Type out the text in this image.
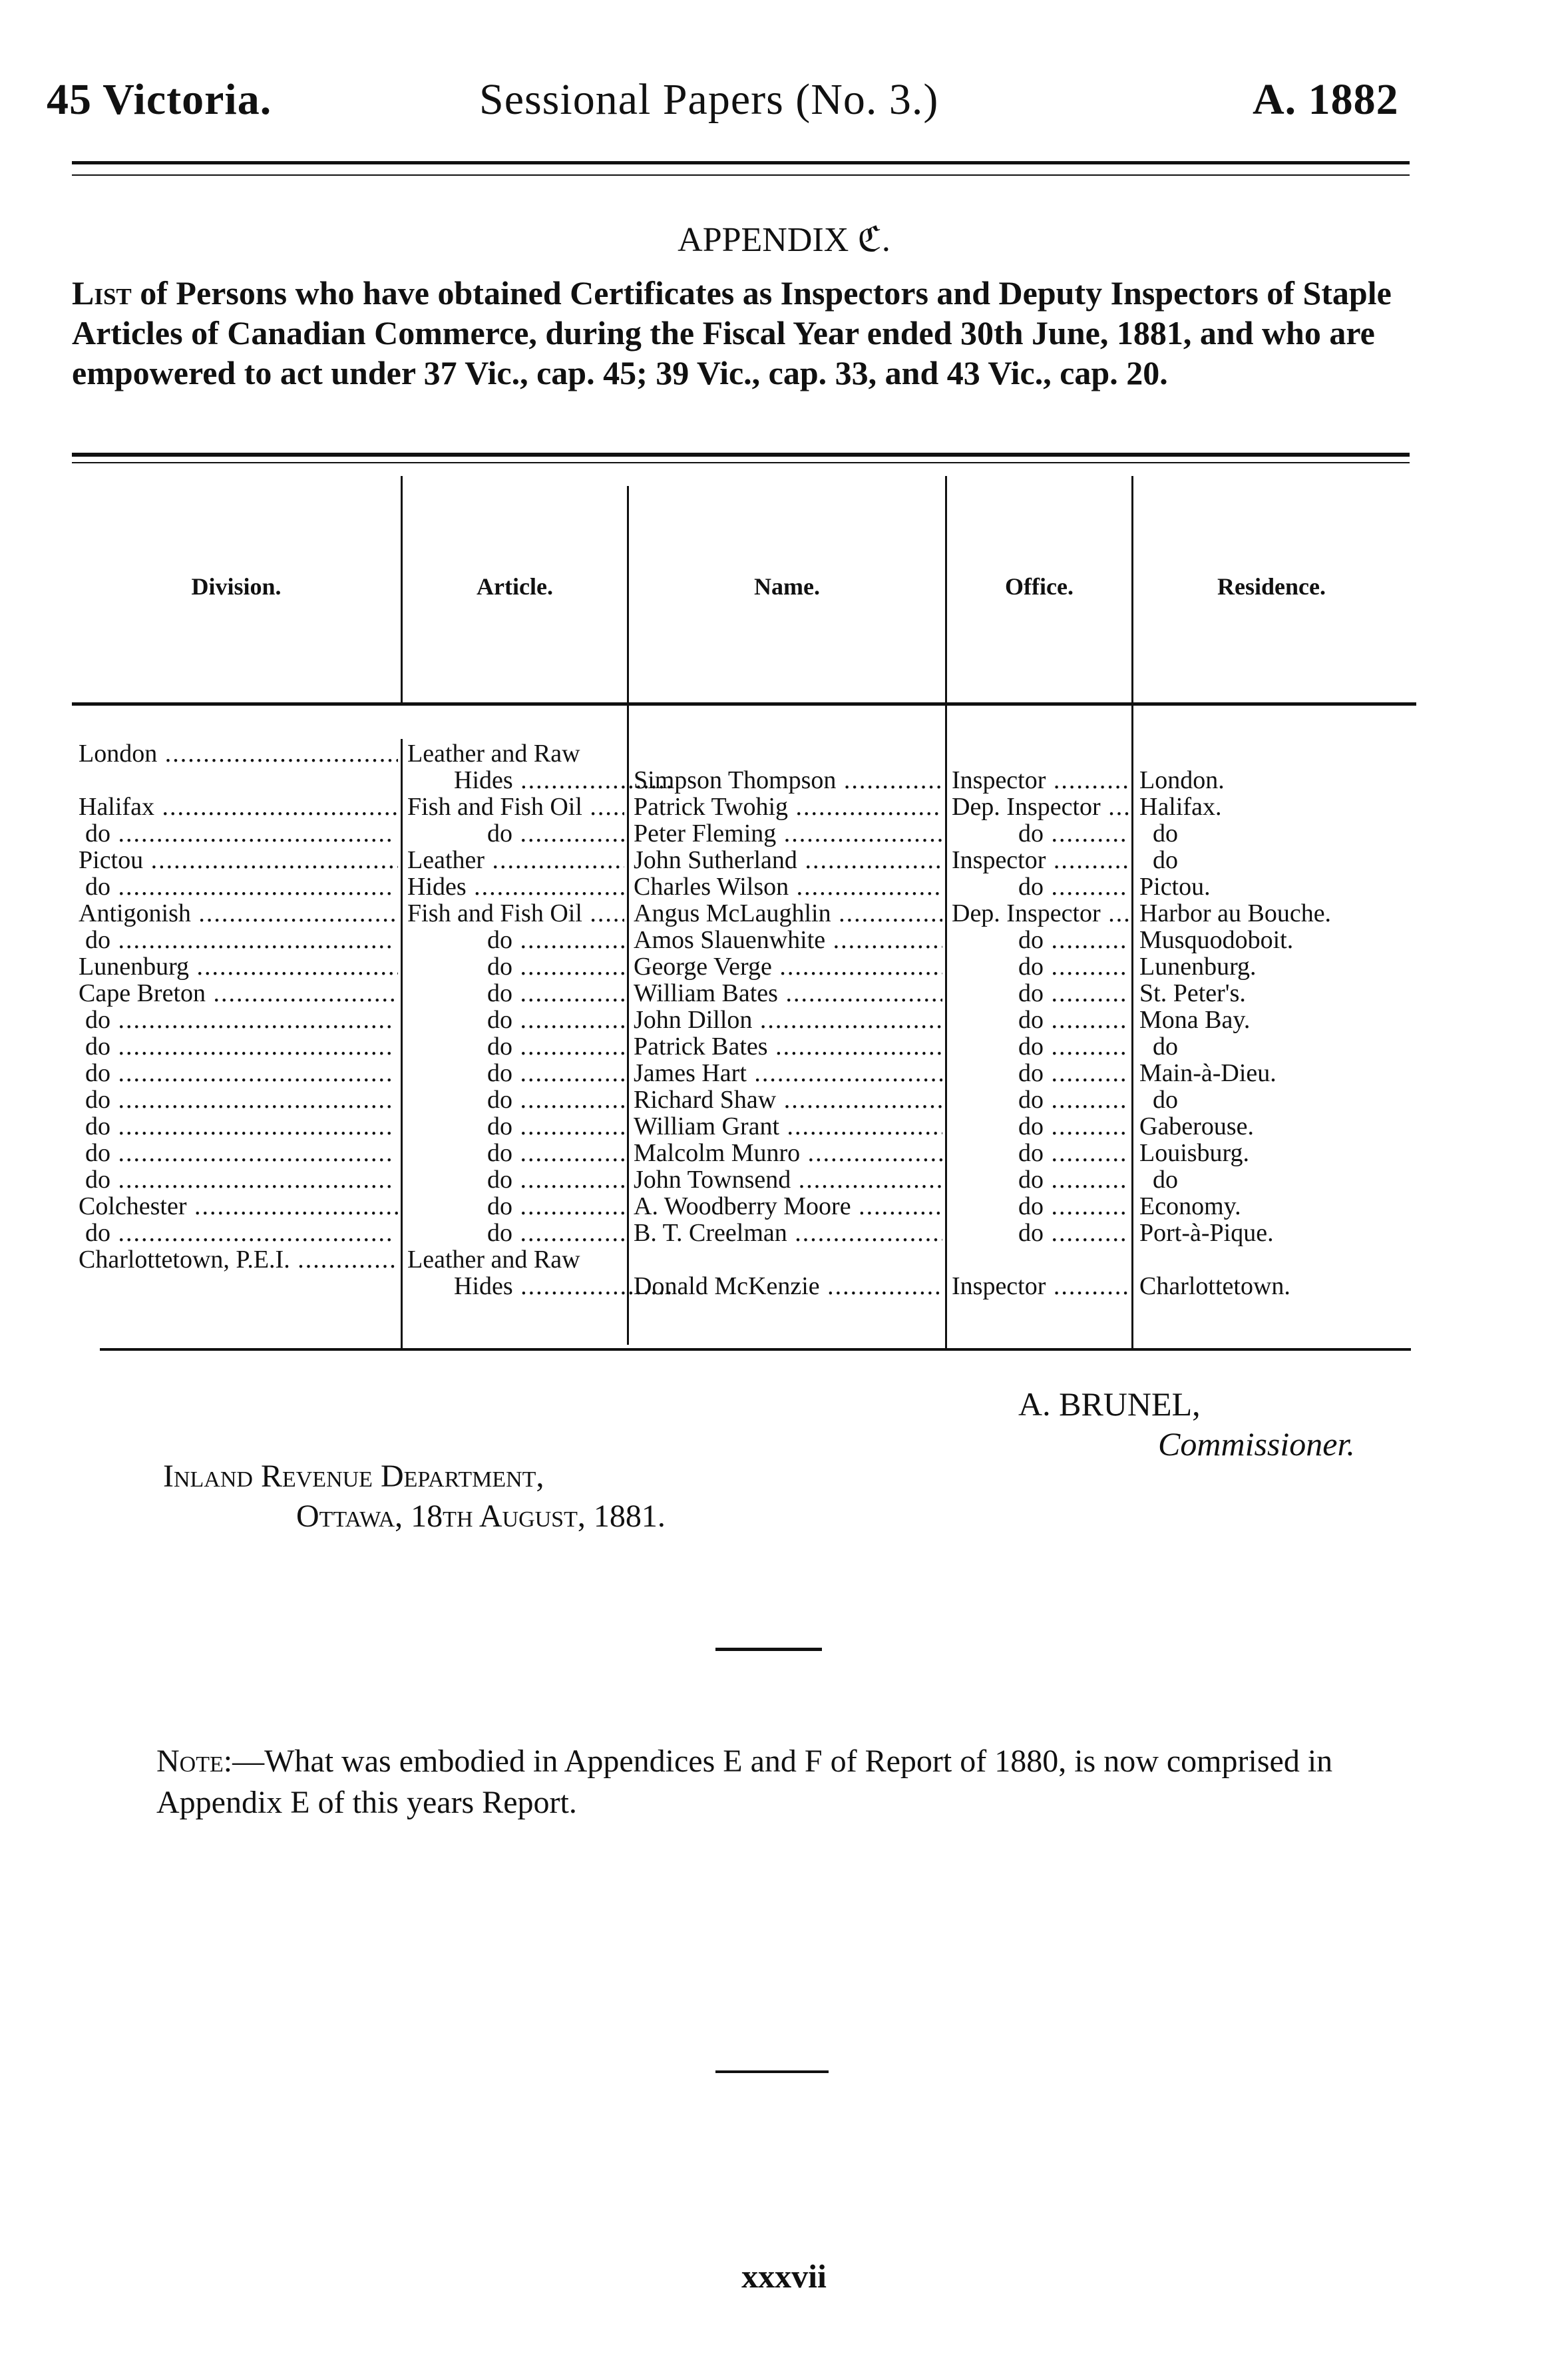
45 Victoria.	Sessional Papers (No. 3.)	A. 1882
APPENDIX ℭ.
List of Persons who have obtained Certificates as Inspectors and Deputy Inspectors of Staple Articles of Canadian Commerce, during the Fiscal Year ended 30th June, 1881, and who are empowered to act under 37 Vic., cap. 45; 39 Vic., cap. 33, and 43 Vic., cap. 20.
Division.	Article.	Name.	Office.	Residence.
London .....	Leather and Raw
Hides .....	Simpson Thompson .....	Inspector .....	London.
Halifax .....	Fish and Fish Oil .....	Patrick Twohig .....	Dep. Inspector .....	Halifax.
do .....	do .....	Peter Fleming .....	do .....	do
Pictou .....	Leather .....	John Sutherland .....	Inspector .....	do
do .....	Hides .....	Charles Wilson .....	do .....	Pictou.
Antigonish .....	Fish and Fish Oil .....	Angus McLaughlin .....	Dep. Inspector .....	Harbor au Bouche.
do .....	do .....	Amos Slauenwhite .....	do .....	Musquodoboit.
Lunenburg .....	do .....	George Verge .....	do .....	Lunenburg.
Cape Breton .....	do .....	William Bates .....	do .....	St. Peter's.
do .....	do .....	John Dillon .....	do .....	Mona Bay.
do .....	do .....	Patrick Bates .....	do .....	do
do .....	do .....	James Hart .....	do .....	Main-à-Dieu.
do .....	do .....	Richard Shaw .....	do .....	do
do .....	do .....	William Grant .....	do .....	Gaberouse.
do .....	do .....	Malcolm Munro .....	do .....	Louisburg.
do .....	do .....	John Townsend .....	do .....	do
Colchester .....	do .....	A. Woodberry Moore .....	do .....	Economy.
do .....	do .....	B. T. Creelman .....	do .....	Port-à-Pique.
Charlottetown, P.E.I. .....	Leather and Raw
Hides .....	Donald McKenzie .....	Inspector .....	Charlottetown.
A. BRUNEL,
Commissioner.
Inland Revenue Department,
Ottawa, 18th August, 1881.
Note:—What was embodied in Appendices E and F of Report of 1880, is now comprised in Appendix E of this years Report.
xxxvii
